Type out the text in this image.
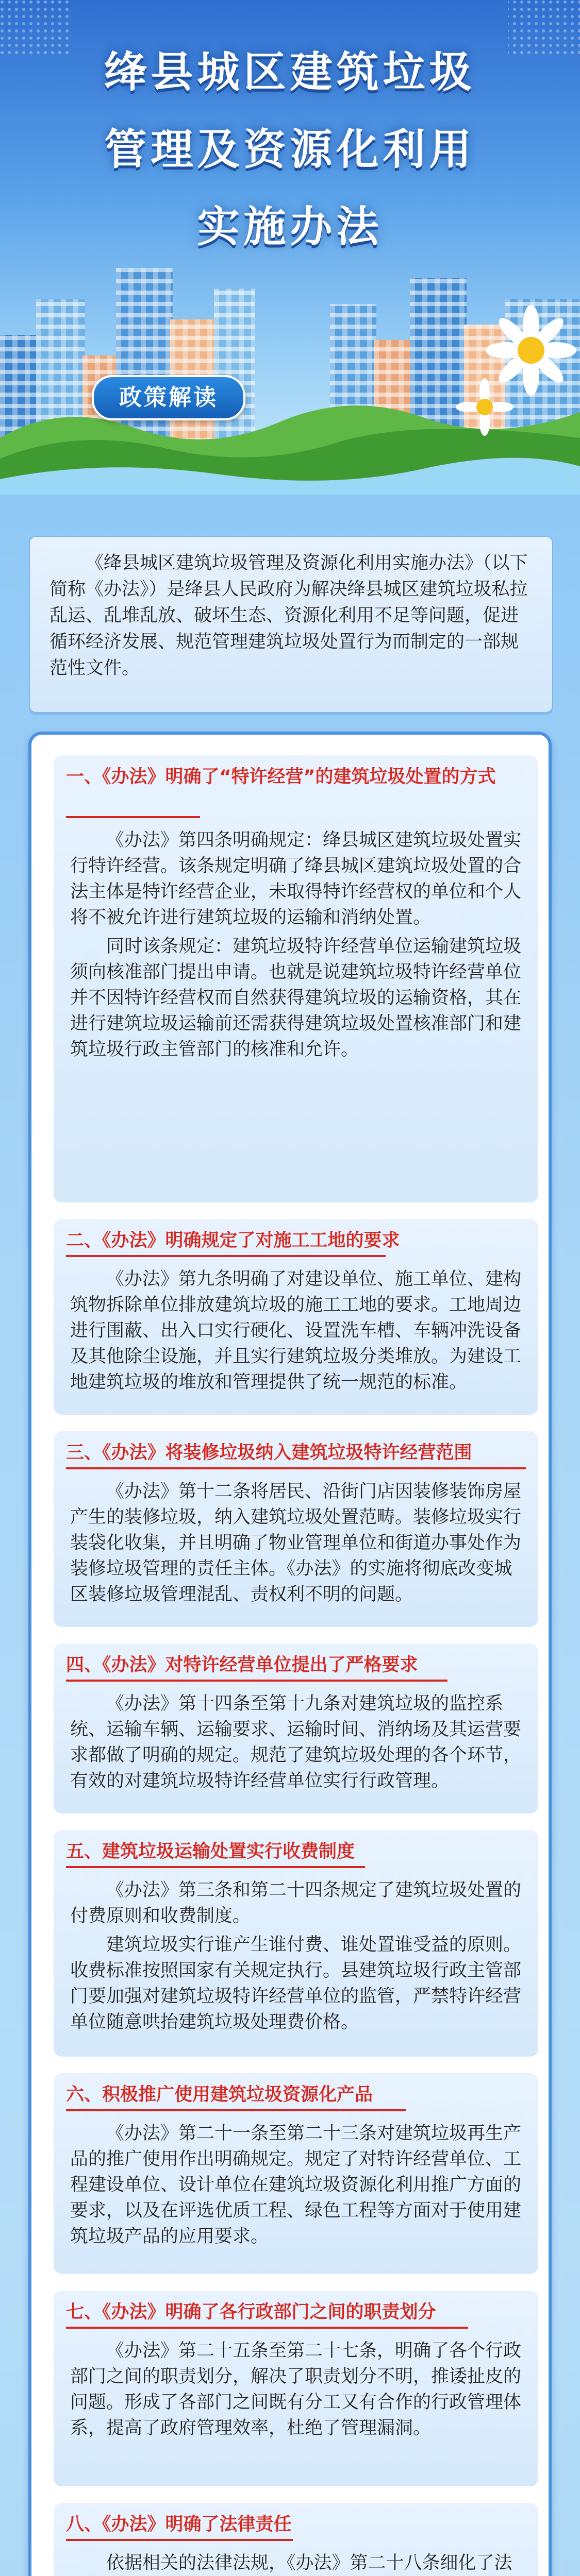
绛县城区建筑垃圾
管理及资源化利用
实施办法
政策解读

《绛县城区建筑垃圾管理及资源化利用实施办法》（以下简称《办法》）是绛县人民政府为解决绛县城区建筑垃圾私拉乱运、乱堆乱放、破坏生态、资源化利用不足等问题，促进循环经济发展、规范管理建筑垃圾处置行为而制定的一部规范性文件。

一、《办法》明确了“特许经营”的建筑垃圾处置的方式

《办法》第四条明确规定：绛县城区建筑垃圾处置实行特许经营。该条规定明确了绛县城区建筑垃圾处置的合法主体是特许经营企业，未取得特许经营权的单位和个人将不被允许进行建筑垃圾的运输和消纳处置。

同时该条规定：建筑垃圾特许经营单位运输建筑垃圾须向核准部门提出申请。也就是说建筑垃圾特许经营单位并不因特许经营权而自然获得建筑垃圾的运输资格，其在进行建筑垃圾运输前还需获得建筑垃圾处置核准部门和建筑垃圾行政主管部门的核准和允许。

二、《办法》明确规定了对施工工地的要求

《办法》第九条明确了对建设单位、施工单位、建构筑物拆除单位排放建筑垃圾的施工工地的要求。工地周边进行围蔽、出入口实行硬化、设置洗车槽、车辆冲洗设备及其他除尘设施，并且实行建筑垃圾分类堆放。为建设工地建筑垃圾的堆放和管理提供了统一规范的标准。

三、《办法》将装修垃圾纳入建筑垃圾特许经营范围

《办法》第十二条将居民、沿街门店因装修装饰房屋产生的装修垃圾，纳入建筑垃圾处置范畴。装修垃圾实行装袋化收集，并且明确了物业管理单位和街道办事处作为装修垃圾管理的责任主体。《办法》的实施将彻底改变城区装修垃圾管理混乱、责权利不明的问题。

四、《办法》对特许经营单位提出了严格要求

《办法》第十四条至第十九条对建筑垃圾的监控系统、运输车辆、运输要求、运输时间、消纳场及其运营要求都做了明确的规定。规范了建筑垃圾处理的各个环节，有效的对建筑垃圾特许经营单位实行行政管理。

五、建筑垃圾运输处置实行收费制度

《办法》第三条和第二十四条规定了建筑垃圾处置的付费原则和收费制度。

建筑垃圾实行谁产生谁付费、谁处置谁受益的原则。收费标准按照国家有关规定执行。县建筑垃圾行政主管部门要加强对建筑垃圾特许经营单位的监管，严禁特许经营单位随意哄抬建筑垃圾处理费价格。

六、积极推广使用建筑垃圾资源化产品

《办法》第二十一条至第二十三条对建筑垃圾再生产品的推广使用作出明确规定。规定了对特许经营单位、工程建设单位、设计单位在建筑垃圾资源化利用推广方面的要求，以及在评选优质工程、绿色工程等方面对于使用建筑垃圾产品的应用要求。

七、《办法》明确了各行政部门之间的职责划分

《办法》第二十五条至第二十七条，明确了各个行政部门之间的职责划分，解决了职责划分不明，推诿扯皮的问题。形成了各部门之间既有分工又有合作的行政管理体系，提高了政府管理效率，杜绝了管理漏洞。

八、《办法》明确了法律责任

依据相关的法律法规，《办法》第二十八条细化了法
